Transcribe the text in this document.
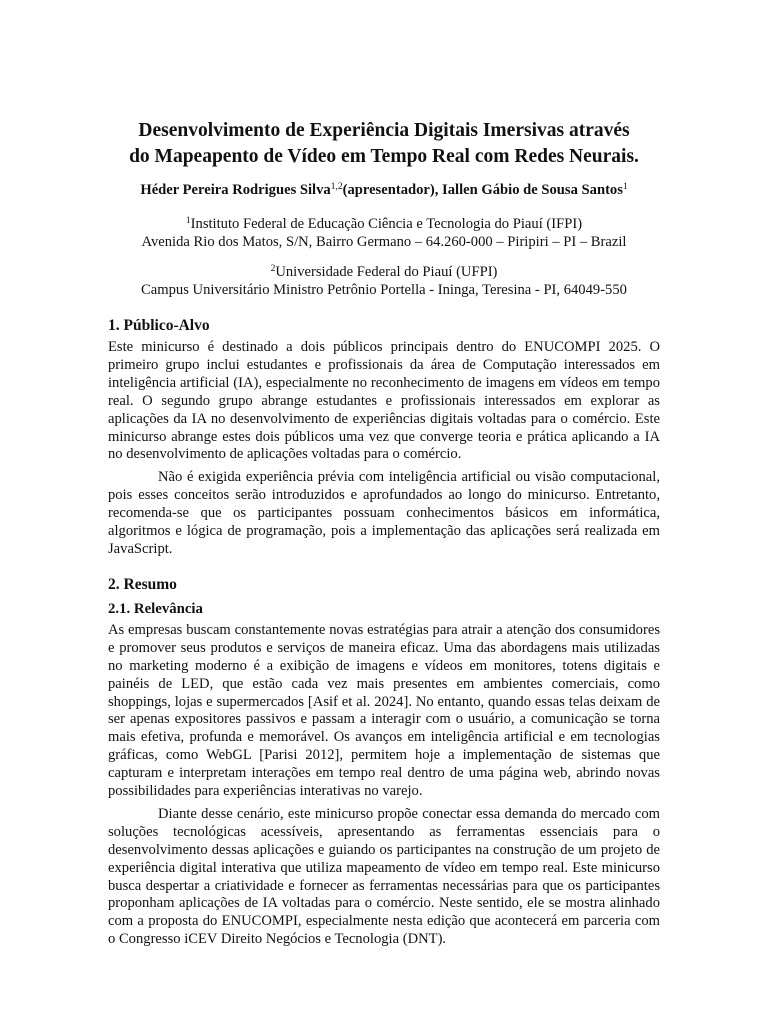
Desenvolvimento de Experiência Digitais Imersivas através
do Mapeapento de Vídeo em Tempo Real com Redes Neurais.
Héder Pereira Rodrigues Silva$^{1,2}$(apresentador), Iallen Gábio de Sousa Santos$^1$
$^1$Instituto Federal de Educação Ciência e Tecnologia do Piauí (IFPI)
Avenida Rio dos Matos, S/N, Bairro Germano – 64.260-000 – Piripiri – PI – Brazil
$^2$Universidade Federal do Piauí (UFPI)
Campus Universitário Ministro Petrônio Portella - Ininga, Teresina - PI, 64049-550
1. Público-Alvo

Este minicurso é destinado a dois públicos principais dentro do ENUCOMPI 2025. O primeiro grupo inclui estudantes e profissionais da área de Computação interessados em inteligência artificial (IA), especialmente no reconhecimento de imagens em vídeos em tempo real. O segundo grupo abrange estudantes e profissionais interessados em explorar as aplicações da IA no desenvolvimento de experiências digitais voltadas para o comércio. Este minicurso abrange estes dois públicos uma vez que converge teoria e prática aplicando a IA no desenvolvimento de aplicações voltadas para o comércio.

Não é exigida experiência prévia com inteligência artificial ou visão computacional, pois esses conceitos serão introduzidos e aprofundados ao longo do minicurso. Entretanto, recomenda-se que os participantes possuam conhecimentos básicos em informática, algoritmos e lógica de programação, pois a implementação das aplicações será realizada em JavaScript.

2. Resumo
2.1. Relevância

As empresas buscam constantemente novas estratégias para atrair a atenção dos consumidores e promover seus produtos e serviços de maneira eficaz. Uma das abordagens mais utilizadas no marketing moderno é a exibição de imagens e vídeos em monitores, totens digitais e painéis de LED, que estão cada vez mais presentes em ambientes comerciais, como shoppings, lojas e supermercados [Asif et al. 2024]. No entanto, quando essas telas deixam de ser apenas expositores passivos e passam a interagir com o usuário, a comunicação se torna mais efetiva, profunda e memorável. Os avanços em inteligência artificial e em tecnologias gráficas, como WebGL [Parisi 2012], permitem hoje a implementação de sistemas que capturam e interpretam interações em tempo real dentro de uma página web, abrindo novas possibilidades para experiências interativas no varejo.

Diante desse cenário, este minicurso propõe conectar essa demanda do mercado com soluções tecnológicas acessíveis, apresentando as ferramentas essenciais para o desenvolvimento dessas aplicações e guiando os participantes na construção de um projeto de experiência digital interativa que utiliza mapeamento de vídeo em tempo real. Este minicurso busca despertar a criatividade e fornecer as ferramentas necessárias para que os participantes proponham aplicações de IA voltadas para o comércio. Neste sentido, ele se mostra alinhado com a proposta do ENUCOMPI, especialmente nesta edição que acontecerá em parceria com o Congresso iCEV Direito Negócios e Tecnologia (DNT).
